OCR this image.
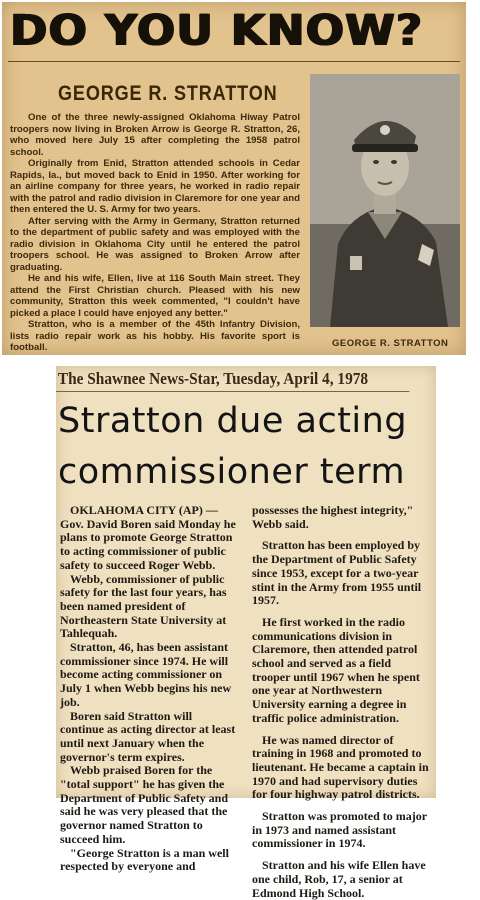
DO YOU KNOW?
GEORGE R. STRATTON

One of the three newly-assigned Oklahoma Hiway Patrol troopers now living in Broken Arrow is George R. Stratton, 26, who moved here July 15 after completing the 1958 patrol school.

Originally from Enid, Stratton attended schools in Cedar Rapids, Ia., but moved back to Enid in 1950. After working for an airline company for three years, he worked in radio repair with the patrol and radio division in Claremore for one year and then entered the U. S. Army for two years.

After serving with the Army in Germany, Stratton returned to the department of public safety and was employed with the radio division in Oklahoma City until he entered the patrol troopers school. He was assigned to Broken Arrow after graduating.

He and his wife, Ellen, live at 116 South Main street. They attend the First Christian church. Pleased with his new community, Stratton this week commented, "I couldn't have picked a place I could have enjoyed any better."

Stratton, who is a member of the 45th Infantry Division, lists radio repair work as his hobby. His favorite sport is football.	GEORGE R. STRATTON
The Shawnee News-Star, Tuesday, April 4, 1978
Stratton due acting
commissioner term

OKLAHOMA CITY (AP) — Gov. David Boren said Monday he plans to promote George Stratton to acting commissioner of public safety to succeed Roger Webb.

Webb, commissioner of public safety for the last four years, has been named president of Northeastern State University at Tahlequah.

Stratton, 46, has been assistant commissioner since 1974. He will become acting commissioner on July 1 when Webb begins his new job.

Boren said Stratton will continue as acting director at least until next January when the governor's term expires.

Webb praised Boren for the "total support" he has given the Department of Public Safety and said he was very pleased that the governor named Stratton to succeed him.

"George Stratton is a man well respected by everyone and

possesses the highest integrity," Webb said.

Stratton has been employed by the Department of Public Safety since 1953, except for a two-year stint in the Army from 1955 until 1957.

He first worked in the radio communications division in Claremore, then attended patrol school and served as a field trooper until 1967 when he spent one year at Northwestern University earning a degree in traffic police administration.

He was named director of training in 1968 and promoted to lieutenant. He became a captain in 1970 and had supervisory duties for four highway patrol districts.

Stratton was promoted to major in 1973 and named assistant commissioner in 1974.

Stratton and his wife Ellen have one child, Rob, 17, a senior at Edmond High School.
